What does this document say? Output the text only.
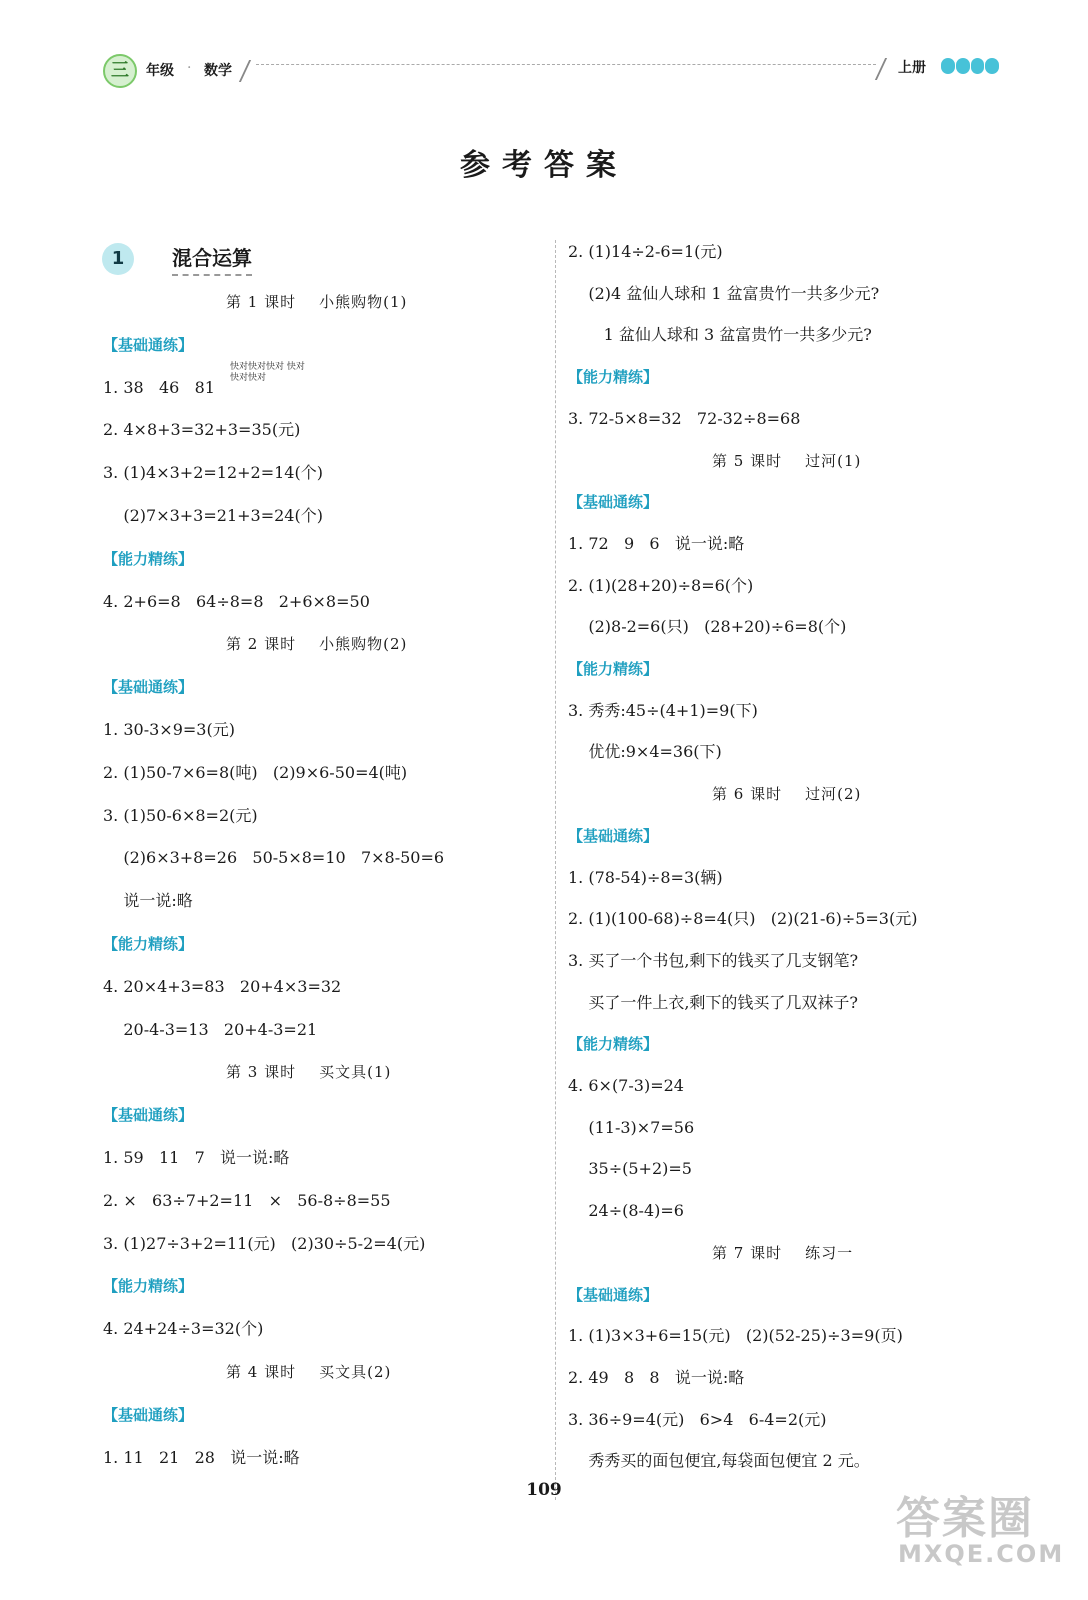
三	年级 · 数学	上册
参考答案
1	混合运算
快对快对快对 快对快对快对
第 1 课时    小熊购物(1)
【基础通练】
1. 38   46   81
2. 4×8+3=32+3=35(元)
3. (1)4×3+2=12+2=14(个)
(2)7×3+3=21+3=24(个)
【能力精练】
4. 2+6=8   64÷8=8   2+6×8=50
第 2 课时    小熊购物(2)
【基础通练】
1. 30-3×9=3(元)
2. (1)50-7×6=8(吨)   (2)9×6-50=4(吨)
3. (1)50-6×8=2(元)
(2)6×3+8=26   50-5×8=10   7×8-50=6
说一说:略
【能力精练】
4. 20×4+3=83   20+4×3=32
20-4-3=13   20+4-3=21
第 3 课时    买文具(1)
【基础通练】
1. 59   11   7   说一说:略
2. ×   63÷7+2=11   ×   56-8÷8=55
3. (1)27÷3+2=11(元)   (2)30÷5-2=4(元)
【能力精练】
4. 24+24÷3=32(个)
第 4 课时    买文具(2)
【基础通练】
1. 11   21   28   说一说:略
2. (1)14÷2-6=1(元)
(2)4 盆仙人球和 1 盆富贵竹一共多少元?
1 盆仙人球和 3 盆富贵竹一共多少元?
【能力精练】
3. 72-5×8=32   72-32÷8=68
第 5 课时    过河(1)
【基础通练】
1. 72   9   6   说一说:略
2. (1)(28+20)÷8=6(个)
(2)8-2=6(只)   (28+20)÷6=8(个)
【能力精练】
3. 秀秀:45÷(4+1)=9(下)
优优:9×4=36(下)
第 6 课时    过河(2)
【基础通练】
1. (78-54)÷8=3(辆)
2. (1)(100-68)÷8=4(只)   (2)(21-6)÷5=3(元)
3. 买了一个书包,剩下的钱买了几支钢笔?
买了一件上衣,剩下的钱买了几双袜子?
【能力精练】
4. 6×(7-3)=24
(11-3)×7=56
35÷(5+2)=5
24÷(8-4)=6
第 7 课时    练习一
【基础通练】
1. (1)3×3+6=15(元)   (2)(52-25)÷3=9(页)
2. 49   8   8   说一说:略
3. 36÷9=4(元)   6>4   6-4=2(元)
秀秀买的面包便宜,每袋面包便宜 2 元。
109
答案圈
MXQE.COM
